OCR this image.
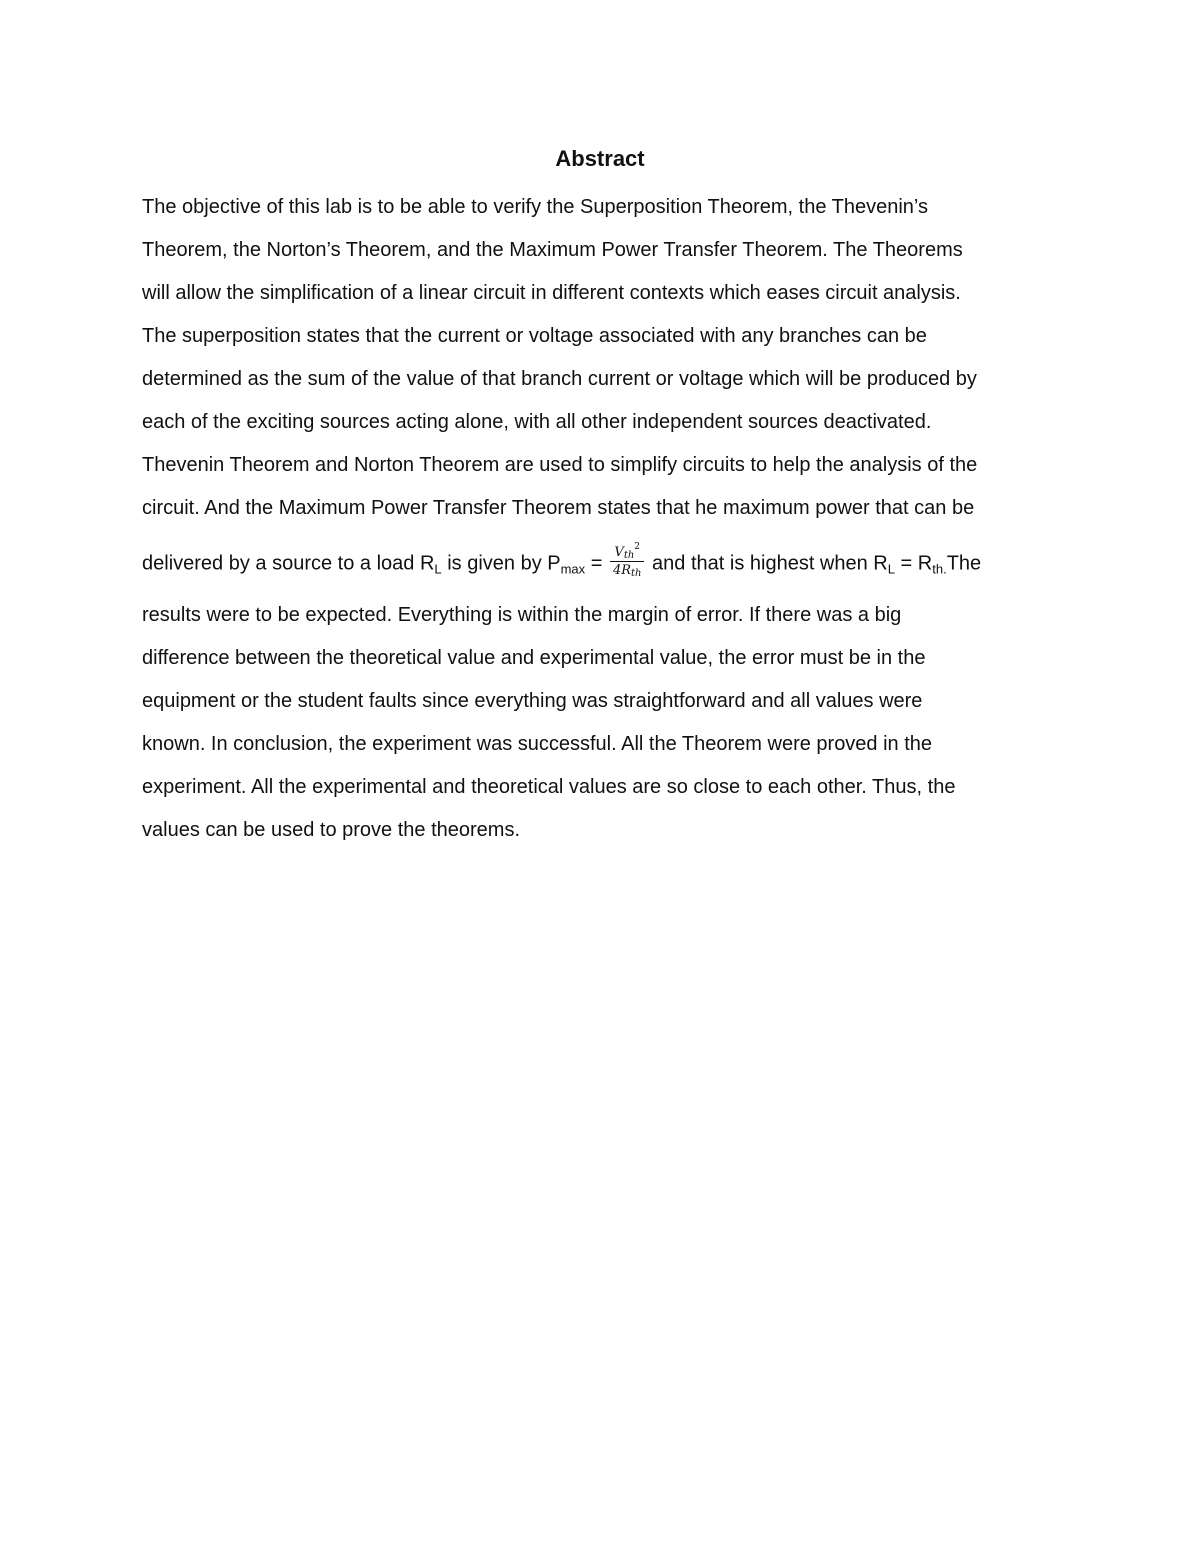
Abstract
The objective of this lab is to be able to verify the Superposition Theorem, the Thevenin’s
Theorem, the Norton’s Theorem, and the Maximum Power Transfer Theorem. The Theorems
will allow the simplification of a linear circuit in different contexts which eases circuit analysis.
The superposition states that the current or voltage associated with any branches can be
determined as the sum of the value of that branch current or voltage which will be produced by
each of the exciting sources acting alone, with all other independent sources deactivated.
Thevenin Theorem and Norton Theorem are used to simplify circuits to help the analysis of the
circuit. And the Maximum Power Transfer Theorem states that he maximum power that can be
delivered by a source to a load $R_L$ is given by $P_{max} = \frac{Vth^2}{\text{4Rth}}$ and that is highest when $R_L = R_{th.}The$
results were to be expected. Everything is within the margin of error. If there was a big
difference between the theoretical value and experimental value, the error must be in the
equipment or the student faults since everything was straightforward and all values were
known. In conclusion, the experiment was successful. All the Theorem were proved in the
experiment. All the experimental and theoretical values are so close to each other. Thus, the
values can be used to prove the theorems.
